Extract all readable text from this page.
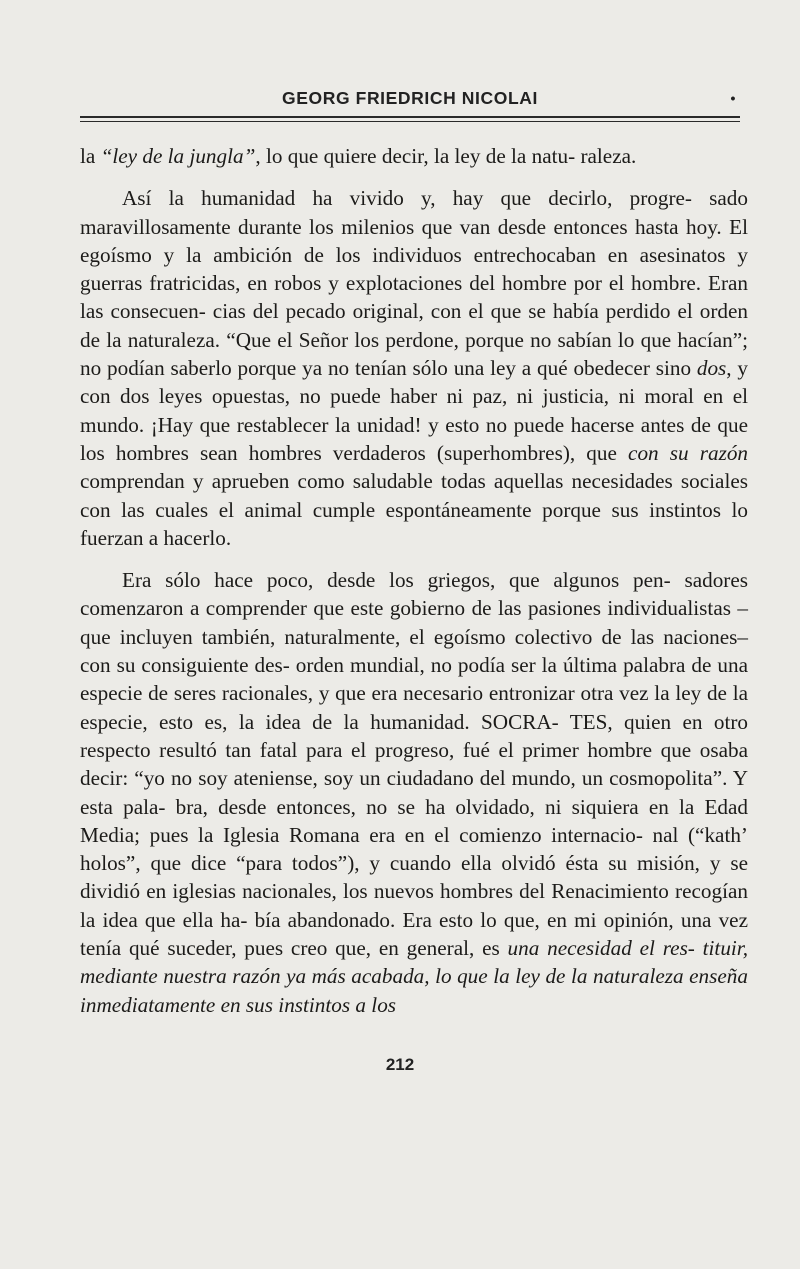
GEORG FRIEDRICH NICOLAI	•

la “ley de la jungla”, lo que quiere decir, la ley de la natu- raleza.

Así la humanidad ha vivido y, hay que decirlo, progre- sado maravillosamente durante los milenios que van desde entonces hasta hoy. El egoísmo y la ambición de los individuos entrechocaban en asesinatos y guerras fratricidas, en robos y explotaciones del hombre por el hombre. Eran las consecuen- cias del pecado original, con el que se había perdido el orden de la naturaleza. “Que el Señor los perdone, porque no sabían lo que hacían”; no podían saberlo porque ya no tenían sólo una ley a qué obedecer sino dos, y con dos leyes opuestas, no puede haber ni paz, ni justicia, ni moral en el mundo. ¡Hay que restablecer la unidad! y esto no puede hacerse antes de que los hombres sean hombres verdaderos (superhombres), que con su razón comprendan y aprueben como saludable todas aquellas necesidades sociales con las cuales el animal cumple espontáneamente porque sus instintos lo fuerzan a hacerlo.

Era sólo hace poco, desde los griegos, que algunos pen- sadores comenzaron a comprender que este gobierno de las pasiones individualistas –que incluyen también, naturalmente, el egoísmo colectivo de las naciones– con su consiguiente des- orden mundial, no podía ser la última palabra de una especie de seres racionales, y que era necesario entronizar otra vez la ley de la especie, esto es, la idea de la humanidad. SOCRA- TES, quien en otro respecto resultó tan fatal para el progreso, fué el primer hombre que osaba decir: “yo no soy ateniense, soy un ciudadano del mundo, un cosmopolita”. Y esta pala- bra, desde entonces, no se ha olvidado, ni siquiera en la Edad Media; pues la Iglesia Romana era en el comienzo internacio- nal (“kath’ holos”, que dice “para todos”), y cuando ella olvidó ésta su misión, y se dividió en iglesias nacionales, los nuevos hombres del Renacimiento recogían la idea que ella ha- bía abandonado. Era esto lo que, en mi opinión, una vez tenía qué suceder, pues creo que, en general, es una necesidad el res- tituir, mediante nuestra razón ya más acabada, lo que la ley de la naturaleza enseña inmediatamente en sus instintos a los

212
